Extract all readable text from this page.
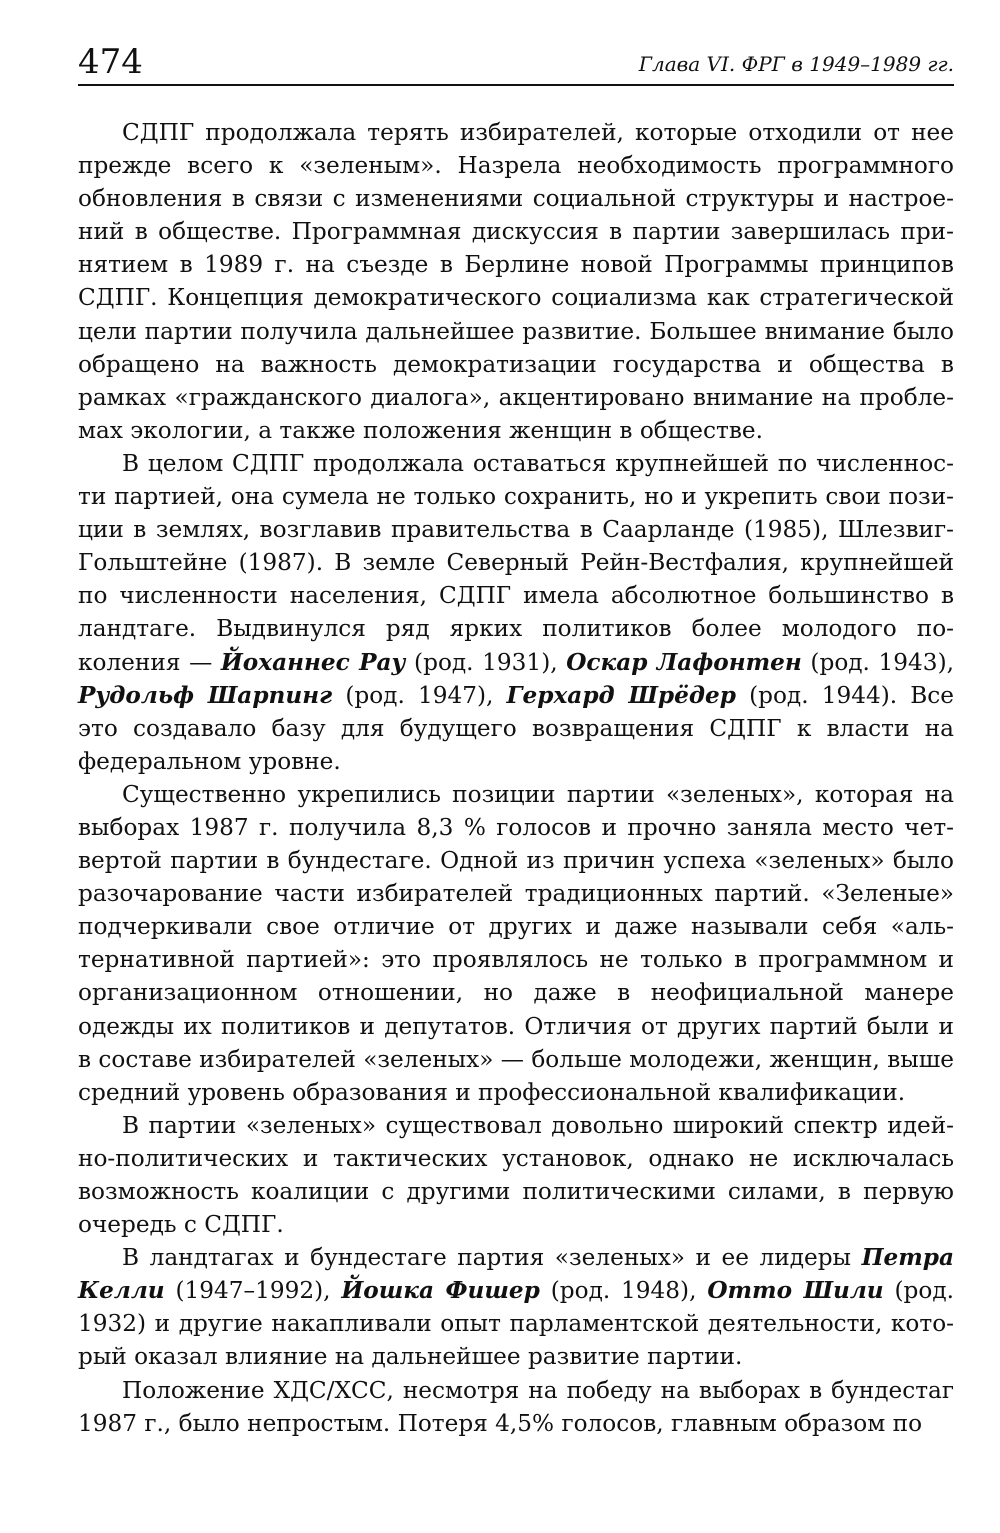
474	Глава VI. ФРГ в 1949–1989 гг.

СДПГ продолжала терять избирателей, которые отходили от нее прежде всего к «зеленым». Назрела необходимость программного обновления в связи с изменениями социальной структуры и настроений в обществе. Программная дискуссия в партии завершилась принятием в 1989 г. на съезде в Берлине новой Программы принципов СДПГ. Концепция демократического социализма как стратегической цели партии получила дальнейшее развитие. Большее внимание было обращено на важность демократизации государства и общества в рамках «гражданского диалога», акцентировано внимание на проблемах экологии, а также положения женщин в обществе.

В целом СДПГ продолжала оставаться крупнейшей по численности партией, она сумела не только сохранить, но и укрепить свои позиции в землях, возглавив правительства в Саарланде (1985), Шлезвиг-Гольштейне (1987). В земле Северный Рейн-Вестфалия, крупнейшей по численности населения, СДПГ имела абсолютное большинство в ландтаге. Выдвинулся ряд ярких политиков более молодого поколения — Йоханнес Рау (род. 1931), Оскар Лафонтен (род. 1943), Рудольф Шарпинг (род. 1947), Герхард Шрёдер (род. 1944). Все это создавало базу для будущего возвращения СДПГ к власти на федеральном уровне.

Существенно укрепились позиции партии «зеленых», которая на выборах 1987 г. получила 8,3 % голосов и прочно заняла место четвертой партии в бундестаге. Одной из причин успеха «зеленых» было разочарование части избирателей традиционных партий. «Зеленые» подчеркивали свое отличие от других и даже называли себя «альтернативной партией»: это проявлялось не только в программном и организационном отношении, но даже в неофициальной манере одежды их политиков и депутатов. Отличия от других партий были и в составе избирателей «зеленых» — больше молодежи, женщин, выше средний уровень образования и профессиональной квалификации.

В партии «зеленых» существовал довольно широкий спектр идейно-политических и тактических установок, однако не исключалась возможность коалиции с другими политическими силами, в первую очередь с СДПГ.

В ландтагах и бундестаге партия «зеленых» и ее лидеры Петра Келли (1947–1992), Йошка Фишер (род. 1948), Отто Шили (род. 1932) и другие накапливали опыт парламентской деятельности, который оказал влияние на дальнейшее развитие партии.

Положение ХДС/ХСС, несмотря на победу на выборах в бундестаг 1987 г., было непростым. Потеря 4,5% голосов, главным образом по
